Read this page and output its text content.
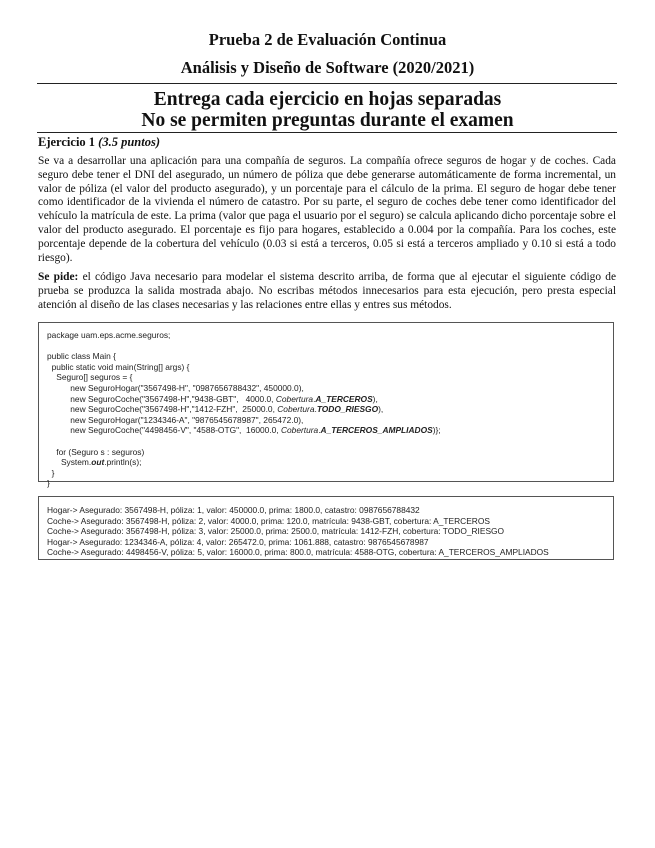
Prueba 2 de Evaluación Continua
Análisis y Diseño de Software (2020/2021)
Entrega cada ejercicio en hojas separadas
No se permiten preguntas durante el examen
Ejercicio 1 (3.5 puntos)

Se va a desarrollar una aplicación para una compañía de seguros. La compañía ofrece seguros de hogar y de coches. Cada seguro debe tener el DNI del asegurado, un número de póliza que debe generarse automáticamente de forma incremental, un valor de póliza (el valor del producto asegurado), y un porcentaje para el cálculo de la prima. El seguro de hogar debe tener como identificador de la vivienda el número de catastro. Por su parte, el seguro de coches debe tener como identificador del vehículo la matrícula de este. La prima (valor que paga el usuario por el seguro) se calcula aplicando dicho porcentaje sobre el valor del producto asegurado. El porcentaje es fijo para hogares, establecido a 0.004 por la compañía. Para los coches, este porcentaje depende de la cobertura del vehículo (0.03 si está a terceros, 0.05 si está a terceros ampliado y 0.10 si está a todo riesgo).

Se pide: el código Java necesario para modelar el sistema descrito arriba, de forma que al ejecutar el siguiente código de prueba se produzca la salida mostrada abajo. No escribas métodos innecesarios para esta ejecución, pero presta especial atención al diseño de las clases necesarias y las relaciones entre ellas y entres sus métodos.

package uam.eps.acme.seguros;
public class Main {
public static void main(String[] args) {
Seguro[] seguros = {
new SeguroHogar("3567498-H", "0987656788432", 450000.0),
new SeguroCoche("3567498-H","9438-GBT",   4000.0, Cobertura.A_TERCEROS),
new SeguroCoche("3567498-H","1412-FZH",  25000.0, Cobertura.TODO_RIESGO),
new SeguroHogar("1234346-A", "9876545678987", 265472.0),
new SeguroCoche("4498456-V", "4588-OTG",  16000.0, Cobertura.A_TERCEROS_AMPLIADOS)};
for (Seguro s : seguros)
System.out.println(s);
}
}
Hogar-> Asegurado: 3567498-H, póliza: 1, valor: 450000.0, prima: 1800.0, catastro: 0987656788432
Coche-> Asegurado: 3567498-H, póliza: 2, valor: 4000.0, prima: 120.0, matrícula: 9438-GBT, cobertura: A_TERCEROS
Coche-> Asegurado: 3567498-H, póliza: 3, valor: 25000.0, prima: 2500.0, matrícula: 1412-FZH, cobertura: TODO_RIESGO
Hogar-> Asegurado: 1234346-A, póliza: 4, valor: 265472.0, prima: 1061.888, catastro: 9876545678987
Coche-> Asegurado: 4498456-V, póliza: 5, valor: 16000.0, prima: 800.0, matrícula: 4588-OTG, cobertura: A_TERCEROS_AMPLIADOS
